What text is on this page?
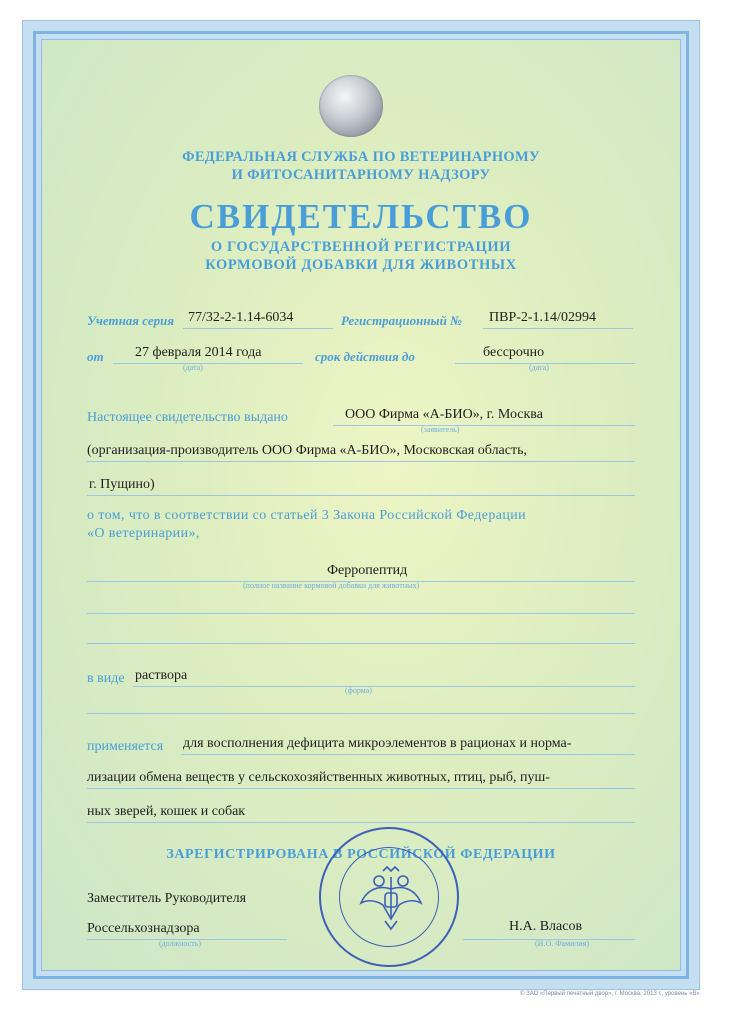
ФЕДЕРАЛЬНАЯ СЛУЖБА ПО ВЕТЕРИНАРНОМУ
И ФИТОСАНИТАРНОМУ НАДЗОРУ
СВИДЕТЕЛЬСТВО
О ГОСУДАРСТВЕННОЙ РЕГИСТРАЦИИ
КОРМОВОЙ ДОБАВКИ ДЛЯ ЖИВОТНЫХ
Учетная серия 77/32-2-1.14-6034	Регистрационный № ПВР-2-1.14/02994
от 27 февраля 2014 года
(дата)
срок действия до	бессрочно
(дата)
Настоящее свидетельство выдано	ООО Фирма «А-БИО», г. Москва
(заявитель)
(организация-производитель ООО Фирма «А-БИО», Московская область,
г. Пущино)
о том, что в соответствии со статьей 3 Закона Российской Федерации
«О ветеринарии»,
Ферропептид
(полное название кормовой добавки для животных)
в виде раствора
(форма)
применяется для восполнения дефицита микроэлементов в рационах и норма-
лизации обмена веществ у сельскохозяйственных животных, птиц, рыб, пуш-
ных зверей, кошек и собак
ЗАРЕГИСТРИРОВАНА В РОССИЙСКОЙ ФЕДЕРАЦИИ
Заместитель Руководителя
Россельхознадзора
(должность)
Н.А. Власов
(И.О. Фамилия)
© ЗАО «Первый печатный двор», г. Москва, 2013 г., уровень «В»
